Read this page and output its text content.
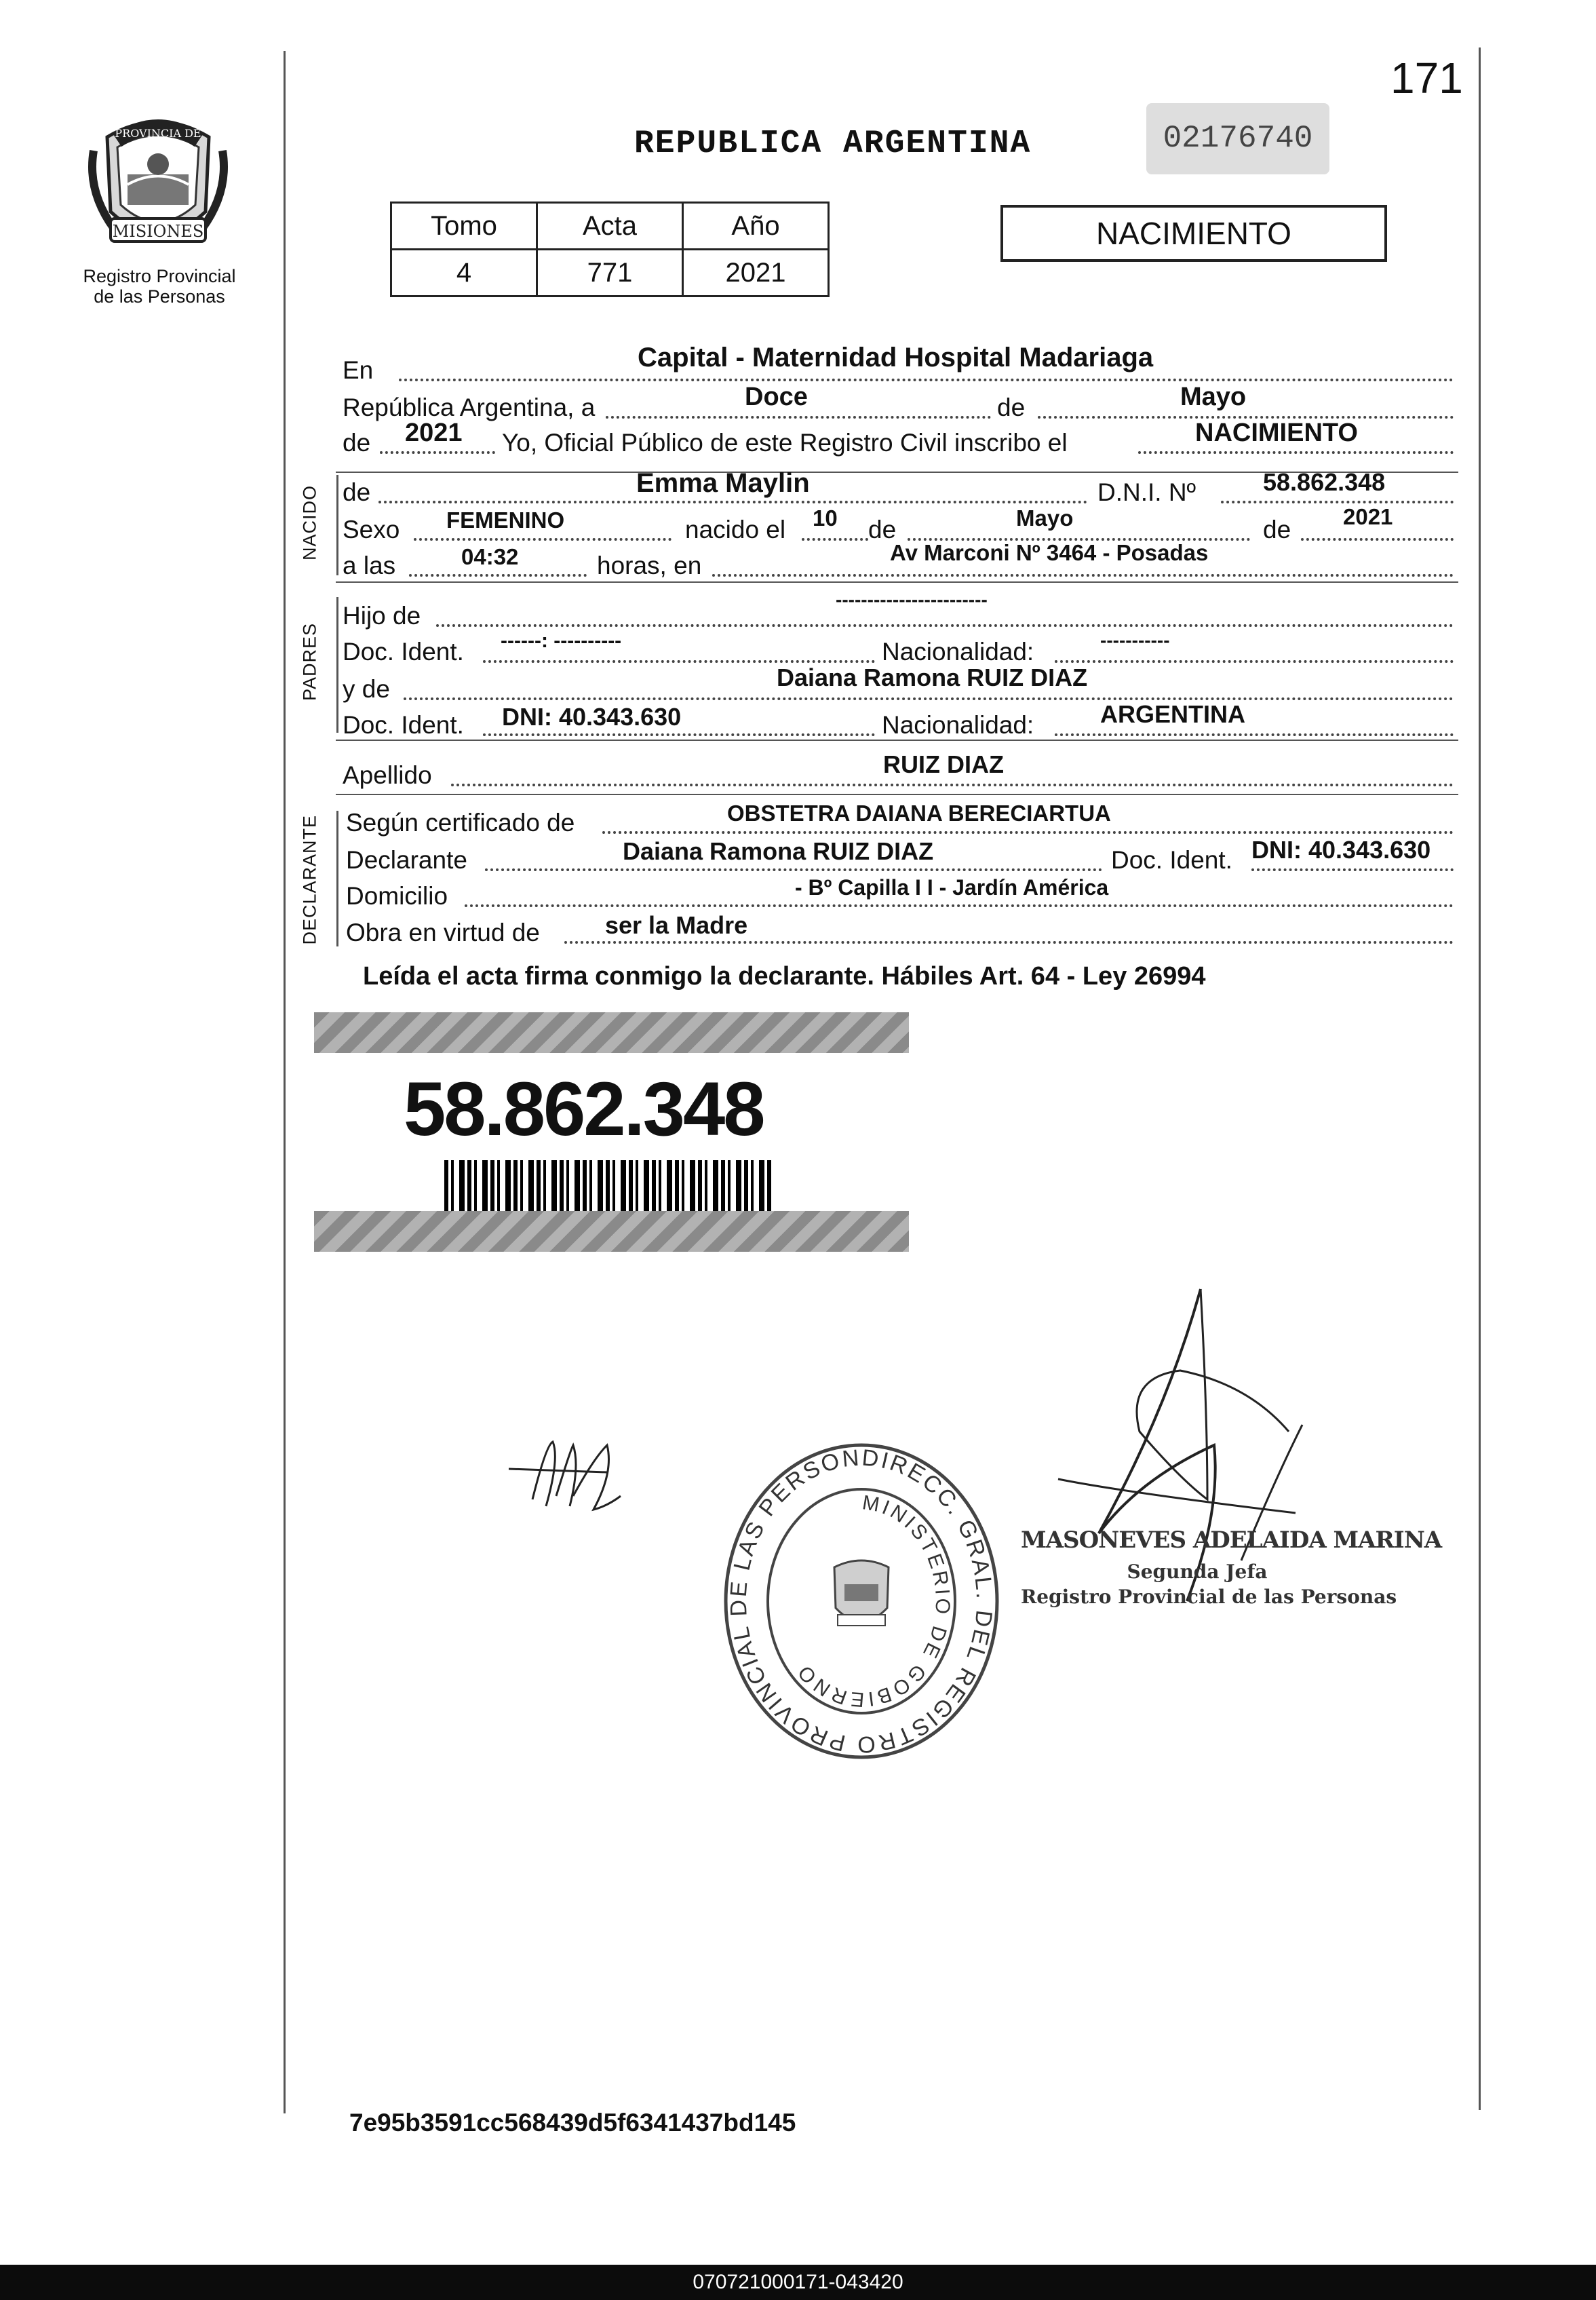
171
MISIONES
PROVINCIA DE
Registro Provincial
de las Personas
REPUBLICA ARGENTINA	02176740
Tomo	Acta	Año
4	771	2021
NACIMIENTO
En	Capital - Maternidad Hospital Madariaga
República Argentina, a	Doce	de	Mayo
de 2021 Yo, Oficial Público de este Registro Civil inscribo el	NACIMIENTO
NACIDO de	Emma Maylin	D.N.I. Nº	58.862.348
Sexo FEMENINO	nacido el 10 de	Mayo	de 2021
a las	04:32	horas, en	Av Marconi Nº 3464 - Posadas
PADRES
Hijo de
------------------------
Doc. Ident. ------: ----------	Nacionalidad:	-----------
y de	Daiana Ramona RUIZ DIAZ
Doc. Ident. DNI: 40.343.630	Nacionalidad:	ARGENTINA
Apellido	RUIZ DIAZ
DECLARANTE Según certificado de	OBSTETRA DAIANA BERECIARTUA
Declarante	Daiana Ramona RUIZ DIAZ	Doc. Ident. DNI: 40.343.630
Domicilio	- Bº Capilla I I - Jardín América
Obra en virtud de	ser la Madre
Leída el acta firma conmigo la declarante. Hábiles Art. 64 - Ley 26994
58.862.348
DIRECC. GRAL. DEL REGISTRO PROVINCIAL DE LAS PERSON
MINISTERIO DE GOBIERNO
MASONEVES ADELAIDA MARINA
Segunda Jefa
Registro Provincial de las Personas
7e95b3591cc568439d5f6341437bd145
070721000171-043420
